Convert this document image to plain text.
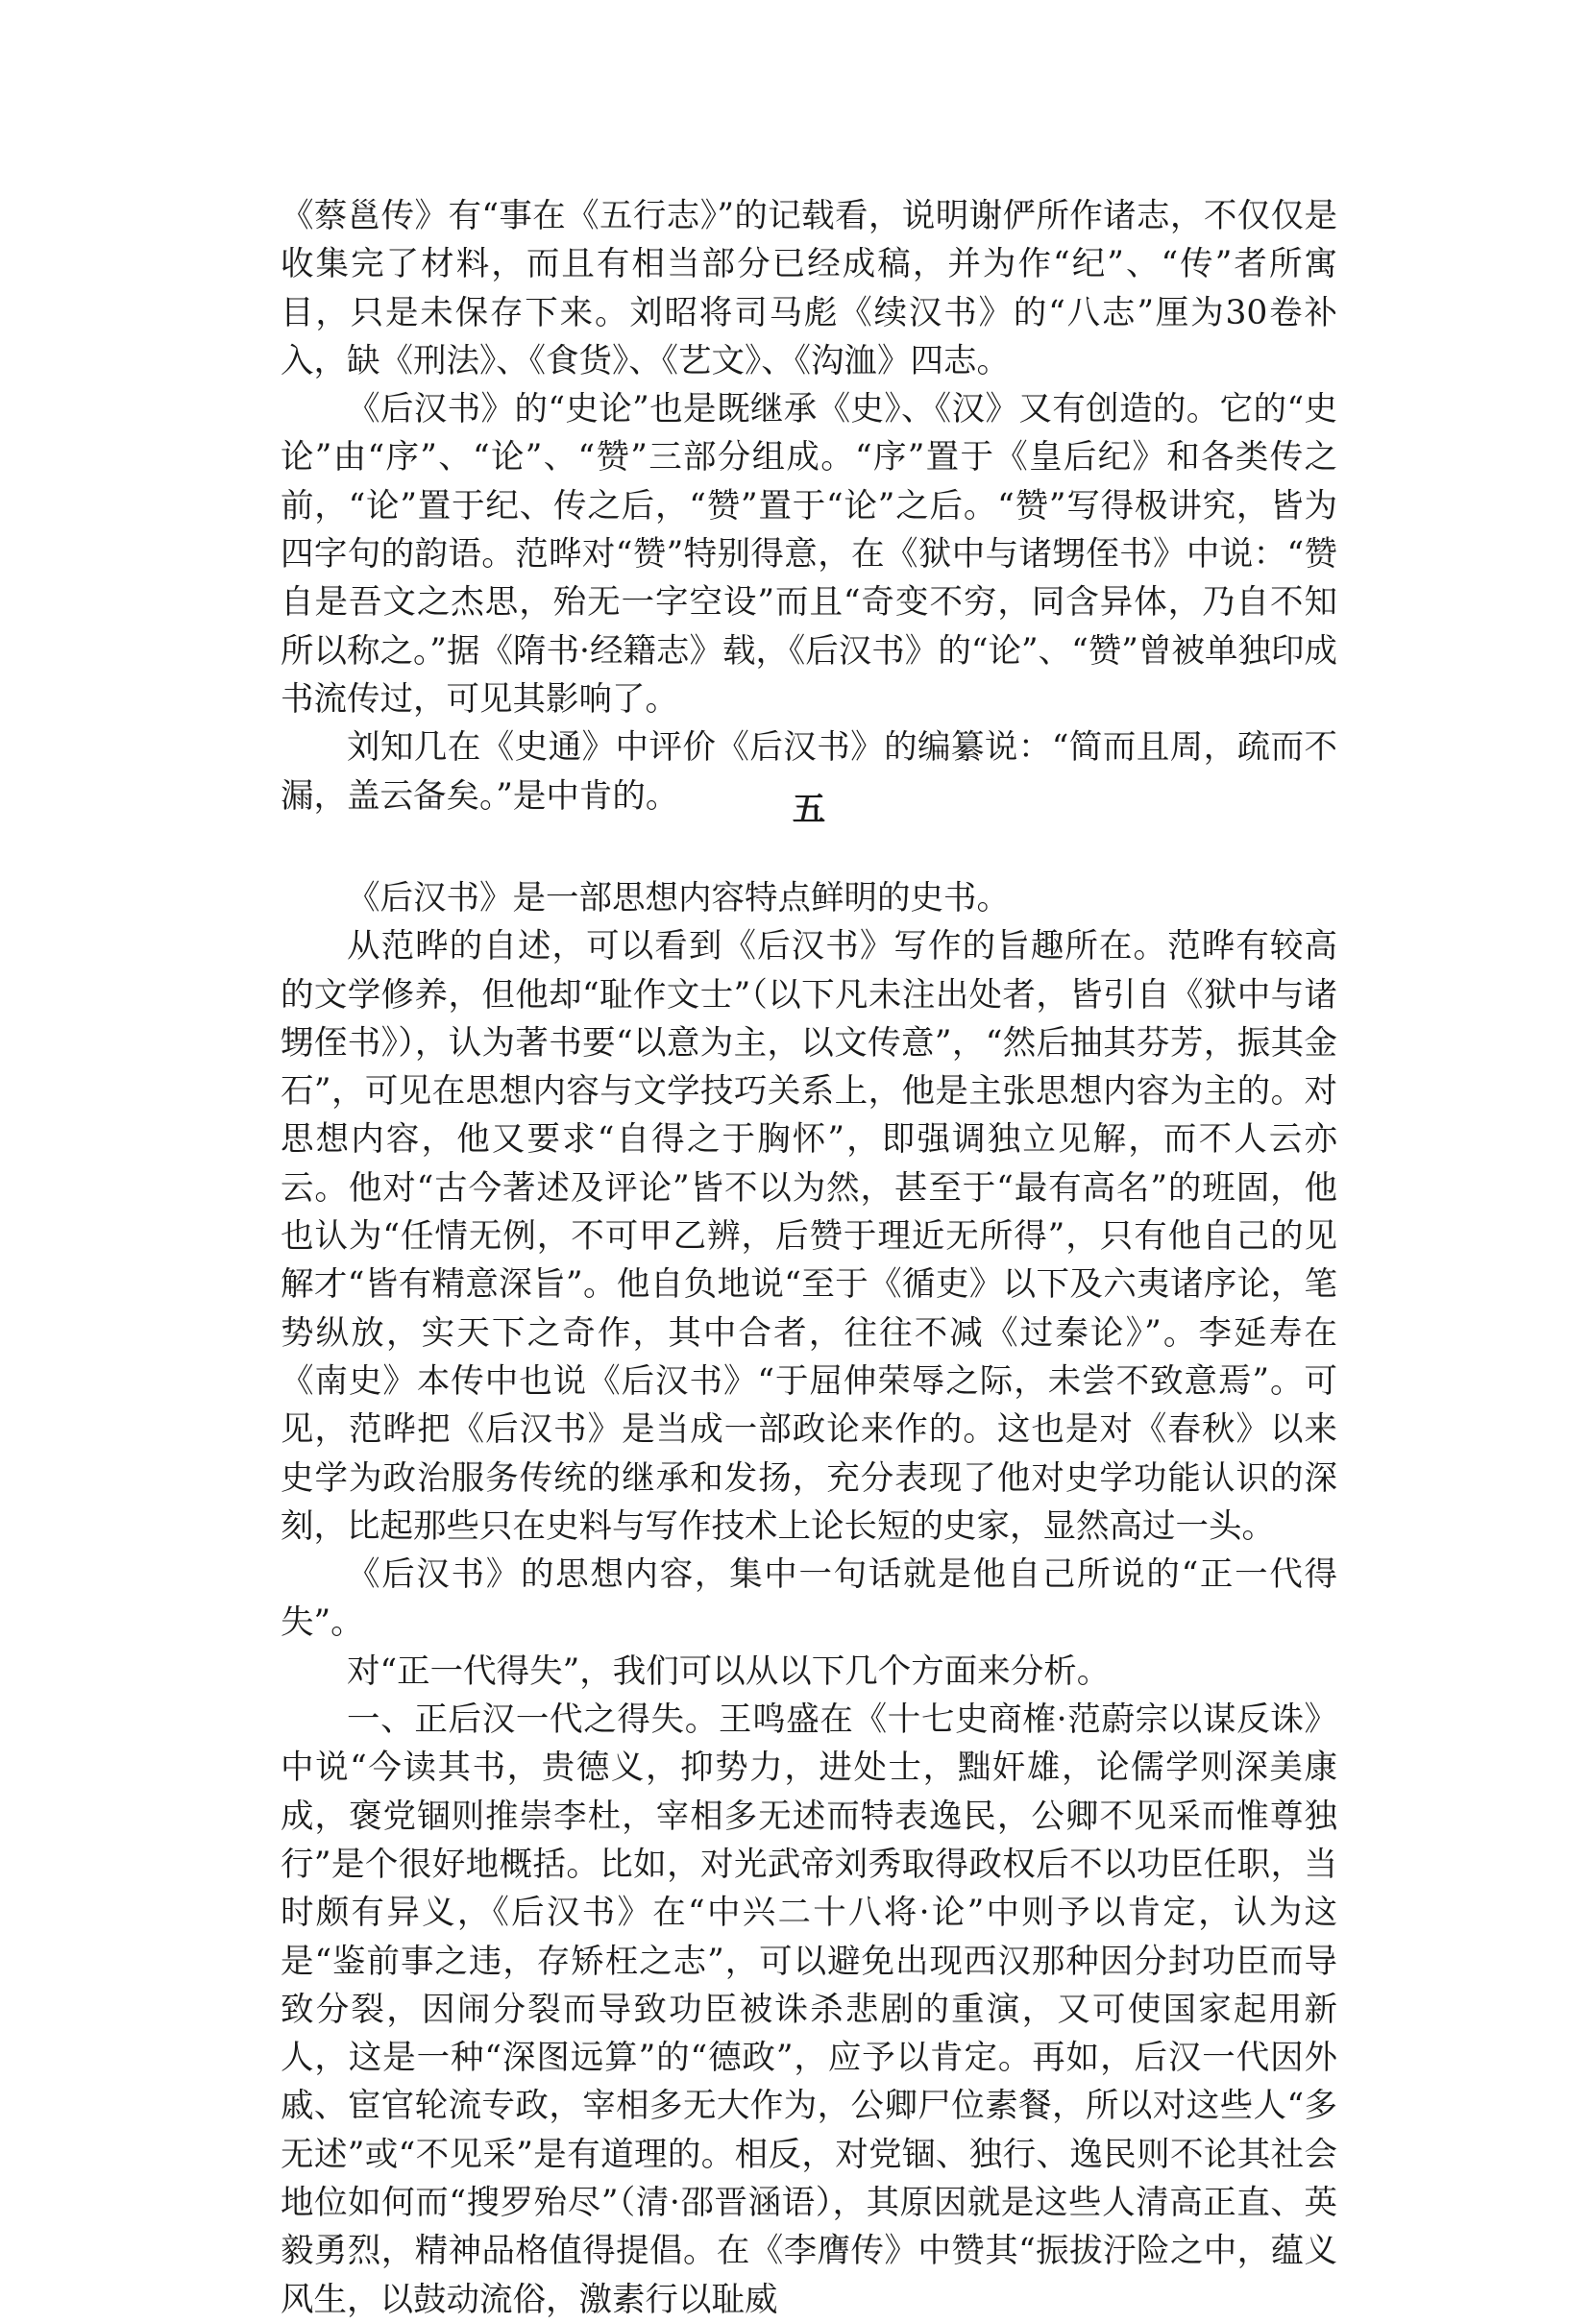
《蔡邕传》有“事在《五行志》”的记载看，说明谢俨所作诸志，不仅仅是收集完了材料，而且有相当部分已经成稿，并为作“纪”、“传”者所寓目，只是未保存下来。刘昭将司马彪《续汉书》的“八志”厘为30卷补入，缺《刑法》、《食货》、《艺文》、《沟洫》四志。

《后汉书》的“史论”也是既继承《史》、《汉》又有创造的。它的“史论”由“序”、“论”、“赞”三部分组成。“序”置于《皇后纪》和各类传之前，“论”置于纪、传之后，“赞”置于“论”之后。“赞”写得极讲究，皆为四字句的韵语。范晔对“赞”特别得意，在《狱中与诸甥侄书》中说：“赞自是吾文之杰思，殆无一字空设”而且“奇变不穷，同含异体，乃自不知所以称之。”据《隋书·经籍志》载，《后汉书》的“论”、“赞”曾被单独印成书流传过，可见其影响了。

刘知几在《史通》中评价《后汉书》的编纂说：“简而且周，疏而不漏，盖云备矣。”是中肯的。	五

《后汉书》是一部思想内容特点鲜明的史书。

从范晔的自述，可以看到《后汉书》写作的旨趣所在。范晔有较高的文学修养，但他却“耻作文士”（以下凡未注出处者，皆引自《狱中与诸甥侄书》），认为著书要“以意为主，以文传意”，“然后抽其芬芳，振其金石”，可见在思想内容与文学技巧关系上，他是主张思想内容为主的。对思想内容，他又要求“自得之于胸怀”，即强调独立见解，而不人云亦云。他对“古今著述及评论”皆不以为然，甚至于“最有高名”的班固，他也认为“任情无例，不可甲乙辨，后赞于理近无所得”，只有他自己的见解才“皆有精意深旨”。他自负地说“至于《循吏》以下及六夷诸序论，笔势纵放，实天下之奇作，其中合者，往往不减《过秦论》”。李延寿在《南史》本传中也说《后汉书》“于屈伸荣辱之际，未尝不致意焉”。可见，范晔把《后汉书》是当成一部政论来作的。这也是对《春秋》以来史学为政治服务传统的继承和发扬，充分表现了他对史学功能认识的深刻，比起那些只在史料与写作技术上论长短的史家，显然高过一头。

《后汉书》的思想内容，集中一句话就是他自己所说的“正一代得失”。

对“正一代得失”，我们可以从以下几个方面来分析。

一、正后汉一代之得失。王鸣盛在《十七史商榷·范蔚宗以谋反诛》中说“今读其书，贵德义，抑势力，进处士，黜奸雄，论儒学则深美康成，褒党锢则推崇李杜，宰相多无述而特表逸民，公卿不见采而惟尊独行”是个很好地概括。比如，对光武帝刘秀取得政权后不以功臣任职，当时颇有异义，《后汉书》在“中兴二十八将·论”中则予以肯定，认为这是“鉴前事之违，存矫枉之志”，可以避免出现西汉那种因分封功臣而导致分裂，因闹分裂而导致功臣被诛杀悲剧的重演，又可使国家起用新人，这是一种“深图远算”的“德政”，应予以肯定。再如，后汉一代因外戚、宦官轮流专政，宰相多无大作为，公卿尸位素餐，所以对这些人“多无述”或“不见采”是有道理的。相反，对党锢、独行、逸民则不论其社会地位如何而“搜罗殆尽”（清·邵晋涵语），其原因就是这些人清高正直、英毅勇烈，精神品格值得提倡。在《李膺传》中赞其“振拔汙险之中，蕴义风生，以鼓动流俗，激素行以耻威
